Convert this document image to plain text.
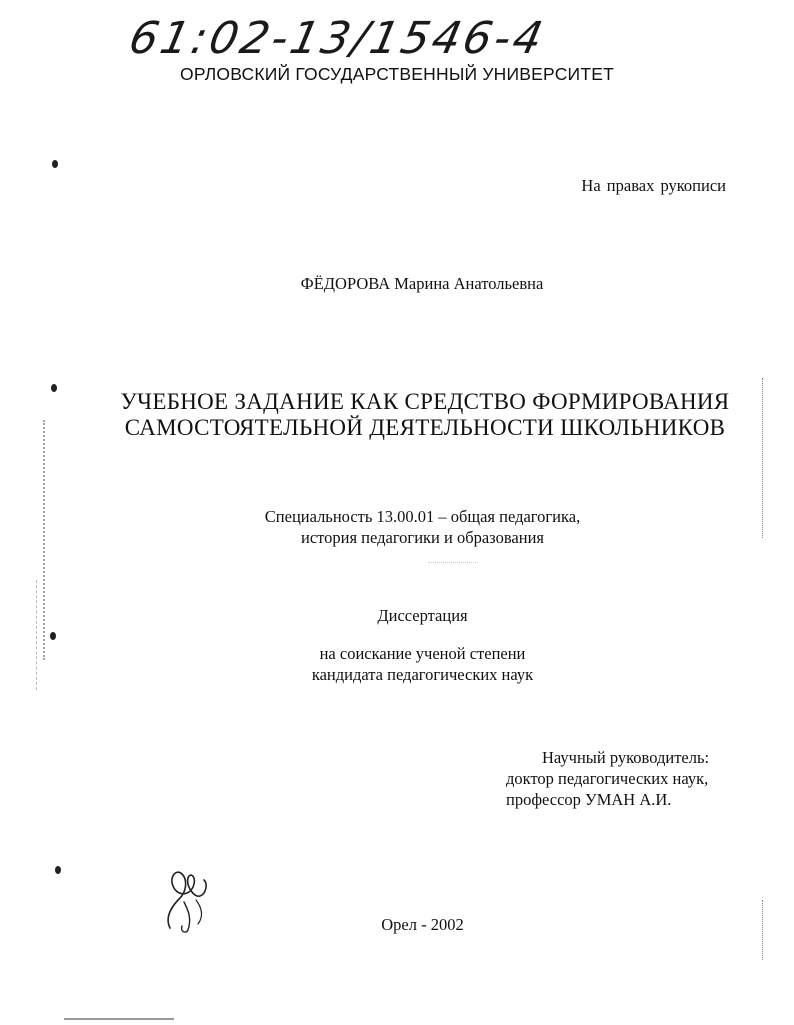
61:02-13/1546-4
ОРЛОВСКИЙ ГОСУДАРСТВЕННЫЙ УНИВЕРСИТЕТ
На правах рукописи
ФЁДОРОВА Марина Анатольевна
УЧЕБНОЕ ЗАДАНИЕ КАК СРЕДСТВО ФОРМИРОВАНИЯ
САМОСТОЯТЕЛЬНОЙ ДЕЯТЕЛЬНОСТИ ШКОЛЬНИКОВ
Специальность 13.00.01 – общая педагогика,
история педагогики и образования
Диссертация
на соискание ученой степени
кандидата педагогических наук
Научный руководитель:
доктор педагогических наук,
профессор УМАН А.И.
Орел - 2002
